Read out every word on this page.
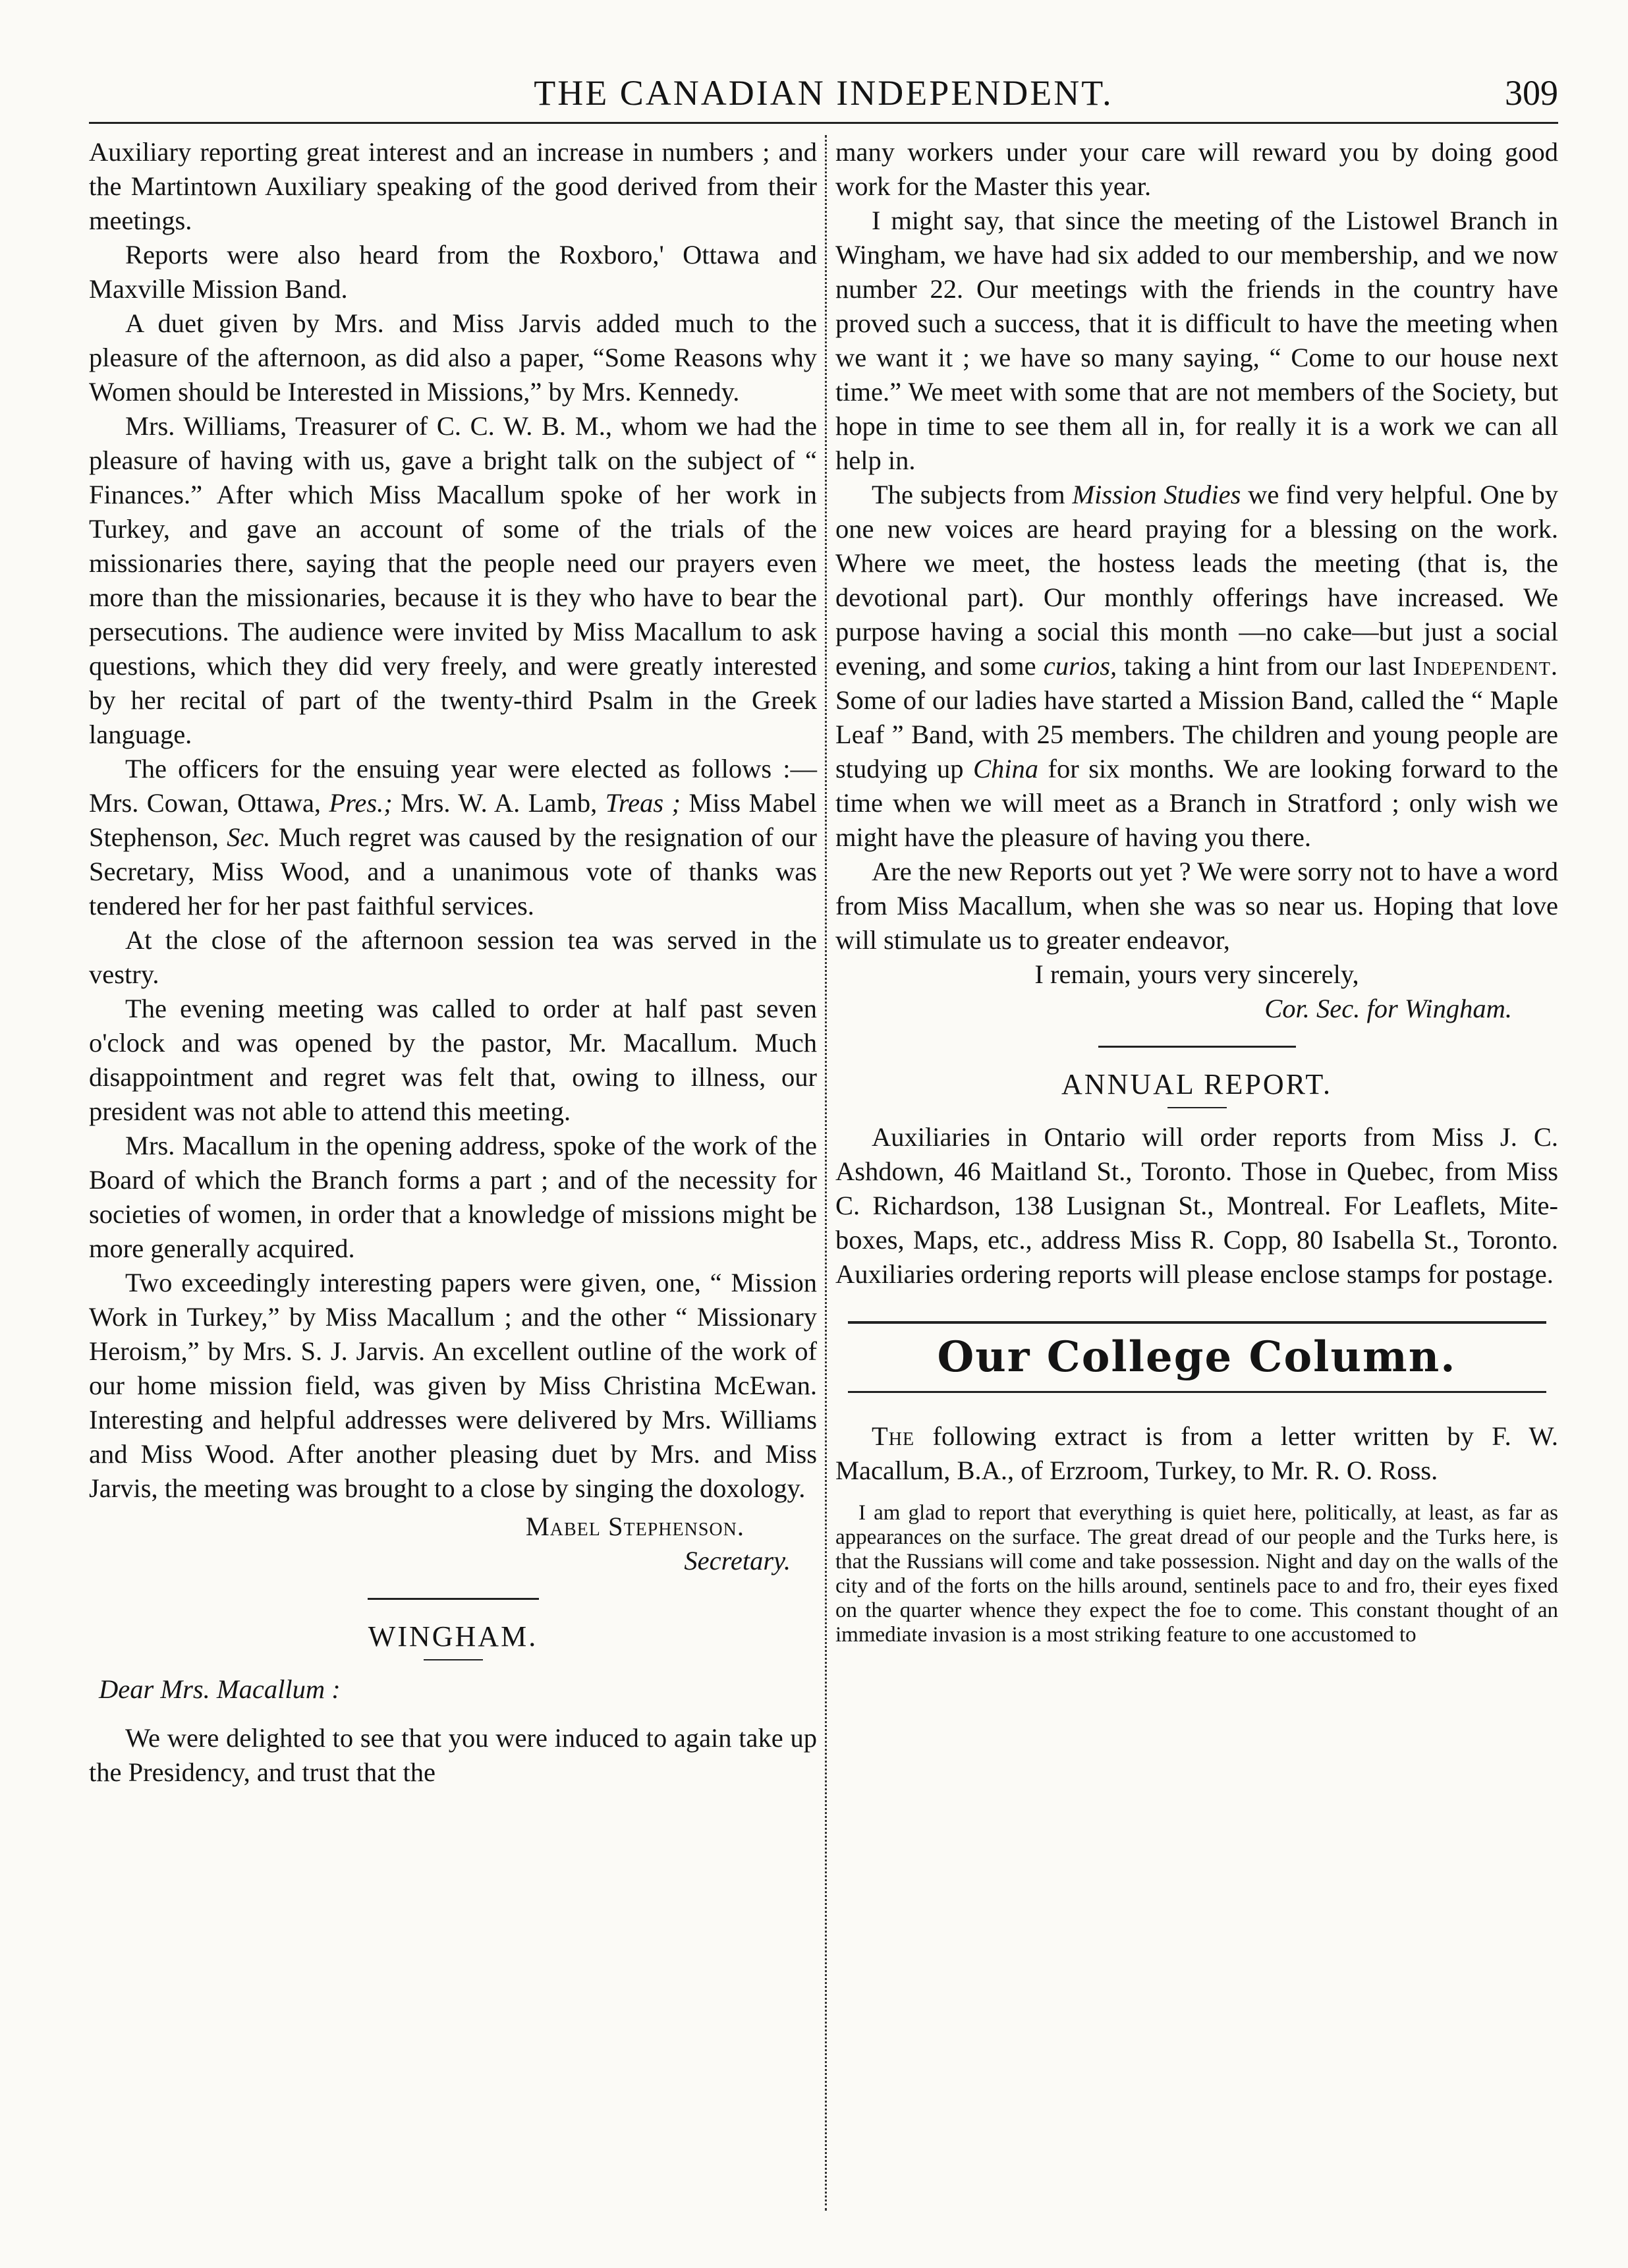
THE CANADIAN INDEPENDENT.	309

Auxiliary reporting great interest and an increase in numbers ; and the Martintown Auxiliary speaking of the good derived from their meetings.

Reports were also heard from the Roxboro,' Ottawa and Maxville Mission Band.

A duet given by Mrs. and Miss Jarvis added much to the pleasure of the afternoon, as did also a paper, “Some Reasons why Women should be Interested in Missions,” by Mrs. Kennedy.

Mrs. Williams, Treasurer of C. C. W. B. M., whom we had the pleasure of having with us, gave a bright talk on the subject of “ Finances.” After which Miss Macallum spoke of her work in Turkey, and gave an account of some of the trials of the missionaries there, saying that the people need our prayers even more than the missionaries, because it is they who have to bear the persecutions. The audience were invited by Miss Macallum to ask questions, which they did very freely, and were greatly interested by her recital of part of the twenty-third Psalm in the Greek language.

The officers for the ensuing year were elected as follows :—Mrs. Cowan, Ottawa, Pres.; Mrs. W. A. Lamb, Treas ; Miss Mabel Stephenson, Sec. Much regret was caused by the resignation of our Secretary, Miss Wood, and a unanimous vote of thanks was tendered her for her past faithful services.

At the close of the afternoon session tea was served in the vestry.

The evening meeting was called to order at half past seven o'clock and was opened by the pastor, Mr. Macallum. Much disappointment and regret was felt that, owing to illness, our president was not able to attend this meeting.

Mrs. Macallum in the opening address, spoke of the work of the Board of which the Branch forms a part ; and of the necessity for societies of women, in order that a knowledge of missions might be more generally acquired.

Two exceedingly interesting papers were given, one, “ Mission Work in Turkey,” by Miss Macallum ; and the other “ Missionary Heroism,” by Mrs. S. J. Jarvis. An excellent outline of the work of our home mission field, was given by Miss Christina McEwan. Interesting and helpful addresses were delivered by Mrs. Williams and Miss Wood. After another pleasing duet by Mrs. and Miss Jarvis, the meeting was brought to a close by singing the doxology.

Mabel Stephenson.

Secretary.

WINGHAM.

Dear Mrs. Macallum :

We were delighted to see that you were induced to again take up the Presidency, and trust that the

many workers under your care will reward you by doing good work for the Master this year.

I might say, that since the meeting of the Listowel Branch in Wingham, we have had six added to our membership, and we now number 22. Our meetings with the friends in the country have proved such a success, that it is difficult to have the meeting when we want it ; we have so many saying, “ Come to our house next time.” We meet with some that are not members of the Society, but hope in time to see them all in, for really it is a work we can all help in.

The subjects from Mission Studies we find very helpful. One by one new voices are heard praying for a blessing on the work. Where we meet, the hostess leads the meeting (that is, the devotional part). Our monthly offerings have increased. We purpose having a social this month —no cake—but just a social evening, and some curios, taking a hint from our last Independent. Some of our ladies have started a Mission Band, called the “ Maple Leaf ” Band, with 25 members. The children and young people are studying up China for six months. We are looking forward to the time when we will meet as a Branch in Stratford ; only wish we might have the pleasure of having you there.

Are the new Reports out yet ? We were sorry not to have a word from Miss Macallum, when she was so near us. Hoping that love will stimulate us to greater endeavor,

I remain, yours very sincerely,

Cor. Sec. for Wingham.

ANNUAL REPORT.

Auxiliaries in Ontario will order reports from Miss J. C. Ashdown, 46 Maitland St., Toronto. Those in Quebec, from Miss C. Richardson, 138 Lusignan St., Montreal. For Leaflets, Mite-boxes, Maps, etc., address Miss R. Copp, 80 Isabella St., Toronto. Auxiliaries ordering reports will please enclose stamps for postage.

Our College Column.

The following extract is from a letter written by F. W. Macallum, B.A., of Erzroom, Turkey, to Mr. R. O. Ross.

I am glad to report that everything is quiet here, politically, at least, as far as appearances on the surface. The great dread of our people and the Turks here, is that the Russians will come and take possession. Night and day on the walls of the city and of the forts on the hills around, sentinels pace to and fro, their eyes fixed on the quarter whence they expect the foe to come. This constant thought of an immediate invasion is a most striking feature to one accustomed to
